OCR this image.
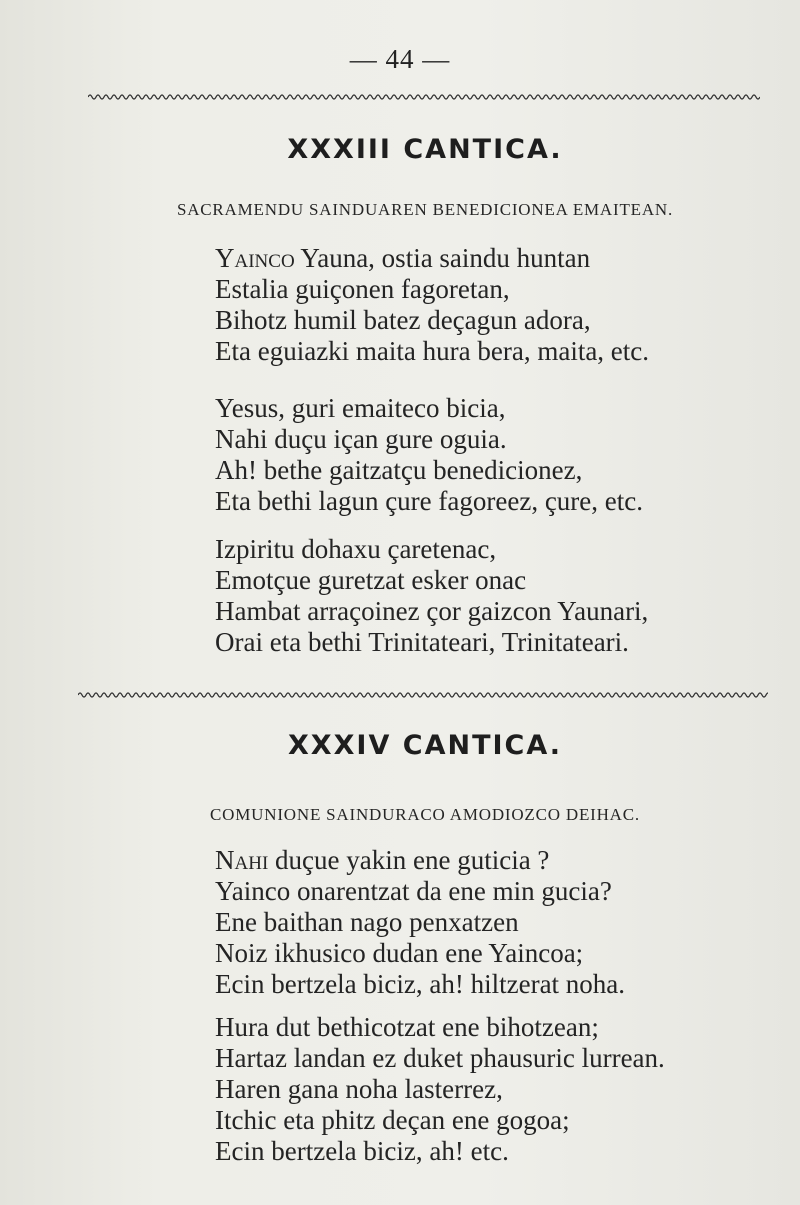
— 44 —
XXXIII CANTICA.
SACRAMENDU SAINDUAREN BENEDICIONEA EMAITEAN.
Yainco Yauna, ostia saindu huntan
Estalia guiçonen fagoretan,
Bihotz humil batez deçagun adora,
Eta eguiazki maita hura bera, maita, etc.
Yesus, guri emaiteco bicia,
Nahi duçu içan gure oguia.
Ah! bethe gaitzatçu benedicionez,
Eta bethi lagun çure fagoreez, çure, etc.
Izpiritu dohaxu çaretenac,
Emotçue guretzat esker onac
Hambat arraçoinez çor gaizcon Yaunari,
Orai eta bethi Trinitateari, Trinitateari.
XXXIV CANTICA.
COMUNIONE SAINDURACO AMODIOZCO DEIHAC.
Nahi duçue yakin ene guticia ?
Yainco onarentzat da ene min gucia?
Ene baithan nago penxatzen
Noiz ikhusico dudan ene Yaincoa;
Ecin bertzela biciz, ah! hiltzerat noha.
Hura dut bethicotzat ene bihotzean;
Hartaz landan ez duket phausuric lurrean.
Haren gana noha lasterrez,
Itchic eta phitz deçan ene gogoa;
Ecin bertzela biciz, ah! etc.
